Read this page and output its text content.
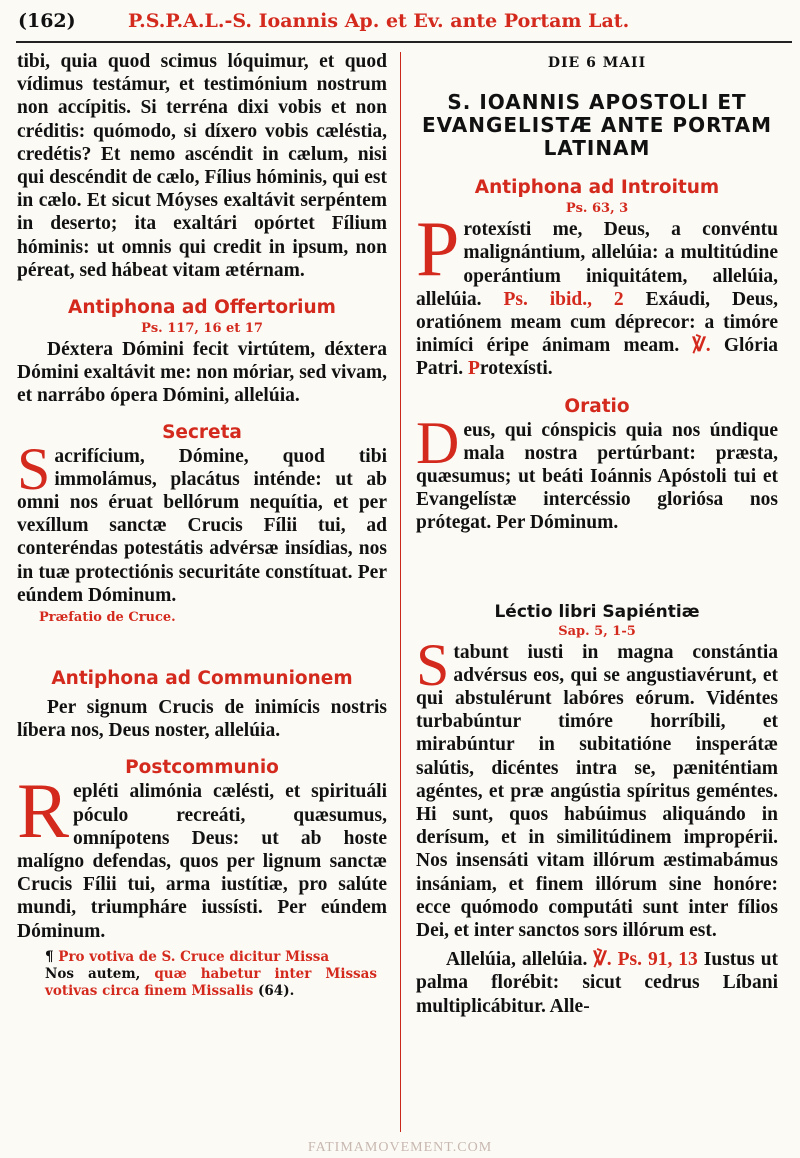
(162)	P.S.P.A.L.-S. Ioannis Ap. et Ev. ante Portam Lat.

tibi, quia quod scimus lóquimur, et quod vídimus testámur, et testimónium nostrum non accípitis. Si terréna dixi vobis et non créditis: quómodo, si díxero vobis cæléstia, credétis? Et nemo ascéndit in cælum, nisi qui descéndit de cælo, Fílius hóminis, qui est in cælo. Et sicut Móyses exaltávit serpéntem in deserto; ita exaltári opórtet Fílium hóminis: ut omnis qui credit in ipsum, non péreat, sed hábeat vitam ætérnam.

Antiphona ad Offertorium
Ps. 117, 16 et 17

Déxtera Dómini fecit virtútem, déxtera Dómini exaltávit me: non móriar, sed vivam, et narrábo ópera Dómini, allelúia.

Secreta

Sacrifícium, Dómine, quod tibi immolámus, placátus inténde: ut ab omni nos éruat bellórum nequítia, et per vexíllum sanctæ Crucis Fílii tui, ad conteréndas potestátis advérsæ insídias, nos in tuæ protectiónis securitáte constítuat. Per eúndem Dóminum.

Præfatio de Cruce.
Antiphona ad Communionem

Per signum Crucis de inimícis nostris líbera nos, Deus noster, allelúia.

Postcommunio

Repléti alimónia cælésti, et spirituáli póculo recreáti, quæsumus, omnípotens Deus: ut ab hoste malígno defendas, quos per lignum sanctæ Crucis Fílii tui, arma iustítiæ, pro salúte mundi, triumpháre iussísti. Per eúndem Dóminum.

¶ Pro votiva de S. Cruce dicitur Missa
Nos autem, quæ habetur inter Missas votivas circa finem Missalis (64).

DIE 6 MAII
S. IOANNIS APOSTOLI ET EVANGELISTÆ ANTE PORTAM LATINAM
Antiphona ad Introitum
Ps. 63, 3

Protexísti me, Deus, a convéntu malignántium, allelúia: a multitúdine operántium iniquitátem, allelúia, allelúia. Ps. ibid., 2 Exáudi, Deus, oratiónem meam cum déprecor: a timóre inimíci éripe ánimam meam. ℣. Glória Patri. Protexísti.

Oratio

Deus, qui cónspicis quia nos úndique mala nostra pertúrbant: præsta, quæsumus; ut beáti Ioánnis Apóstoli tui et Evangelístæ intercéssio gloriósa nos prótegat. Per Dóminum.

Léctio libri Sapiéntiæ
Sap. 5, 1-5

Stabunt iusti in magna constántia advérsus eos, qui se angustiavérunt, et qui abstulérunt labóres eórum. Vidéntes turbabúntur timóre horríbili, et mirabúntur in subitatióne insperátæ salútis, dicéntes intra se, pæniténtiam agéntes, et præ angústia spíritus geméntes. Hi sunt, quos habúimus aliquándo in derísum, et in similitúdinem impropérii. Nos insensáti vitam illórum æstimabámus insániam, et finem illórum sine honóre: ecce quómodo computáti sunt inter fílios Dei, et inter sanctos sors illórum est.

Allelúia, allelúia. ℣. Ps. 91, 13 Iustus ut palma florébit: sicut cedrus Líbani multiplicábitur. Alle-

FATIMAMOVEMENT.COM
